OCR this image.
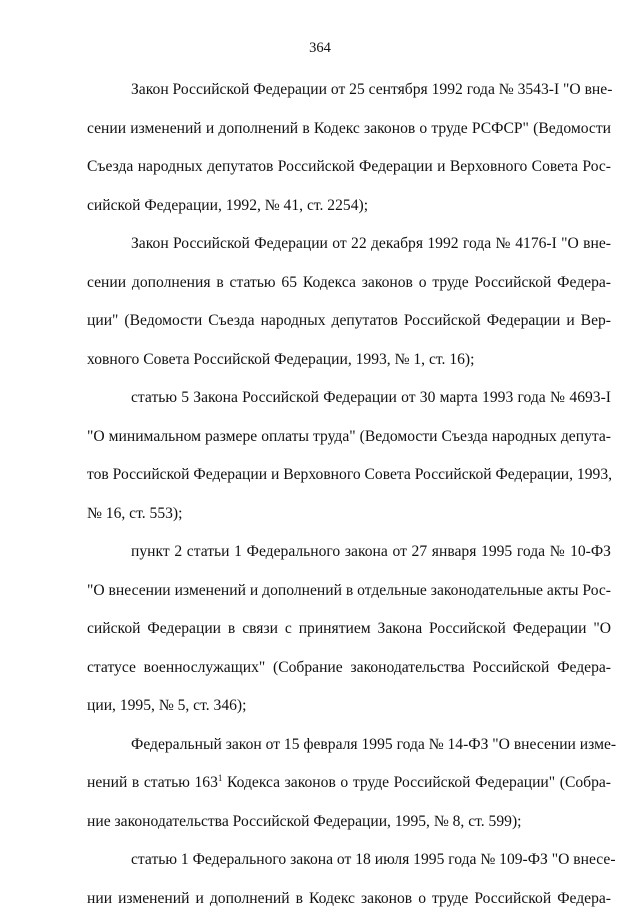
364
Закон Российской Федерации от 25 сентября 1992 года № 3543-I "О вне-
сении изменений и дополнений в Кодекс законов о труде РСФСР" (Ведомости
Съезда народных депутатов Российской Федерации и Верховного Совета Рос-
сийской Федерации, 1992, № 41, ст. 2254);
Закон Российской Федерации от 22 декабря 1992 года № 4176-I "О вне-
сении дополнения в статью 65 Кодекса законов о труде Российской Федера-
ции" (Ведомости Съезда народных депутатов Российской Федерации и Вер-
ховного Совета Российской Федерации, 1993, № 1, ст. 16);
статью 5 Закона Российской Федерации от 30 марта 1993 года № 4693-I
"О минимальном размере оплаты труда" (Ведомости Съезда народных депута-
тов Российской Федерации и Верховного Совета Российской Федерации, 1993,
№ 16, ст. 553);
пункт 2 статьи 1 Федерального закона от 27 января 1995 года № 10-ФЗ
"О внесении изменений и дополнений в отдельные законодательные акты Рос-
сийской Федерации в связи с принятием Закона Российской Федерации "О
статусе военнослужащих" (Собрание законодательства Российской Федера-
ции, 1995, № 5, ст. 346);
Федеральный закон от 15 февраля 1995 года № 14-ФЗ "О внесении изме-
нений в статью $163^1$ Кодекса законов о труде Российской Федерации" (Собра-
ние законодательства Российской Федерации, 1995, № 8, ст. 599);
статью 1 Федерального закона от 18 июля 1995 года № 109-ФЗ "О внесе-
нии изменений и дополнений в Кодекс законов о труде Российской Федера-
